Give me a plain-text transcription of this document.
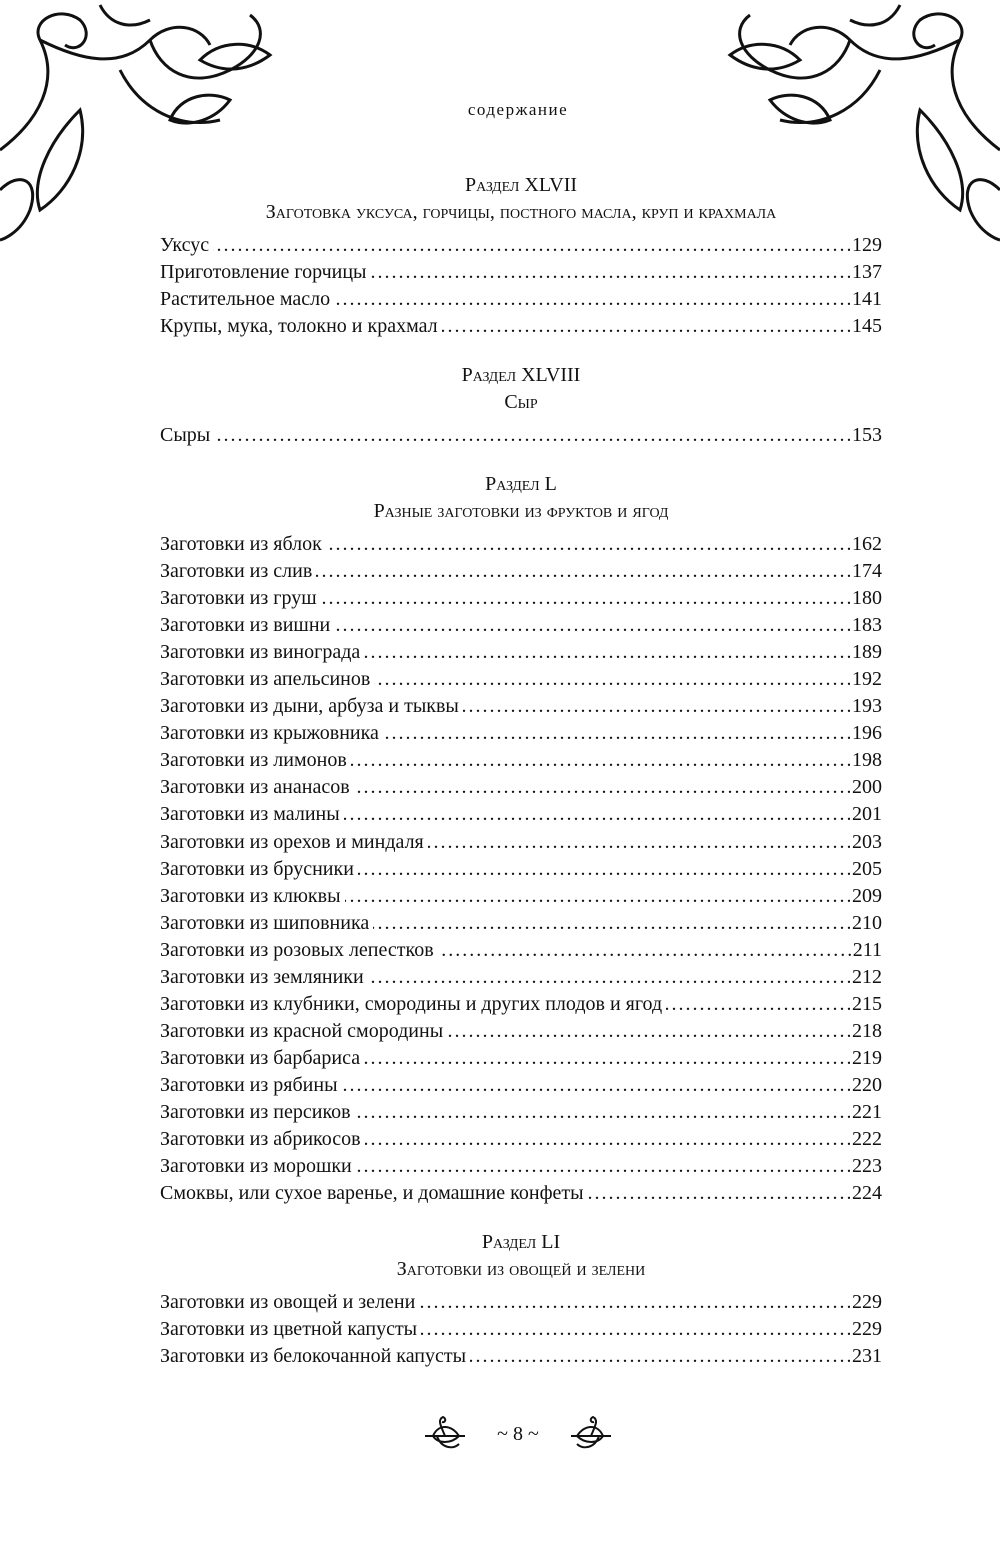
содержание
Раздел XLVII
Заготовка уксуса, горчицы, постного масла, круп и крахмала
Уксус . . .	129
Приготовление горчицы . . .	137
Растительное масло . . .	141
Крупы, мука, толокно и крахмал . . .	145
Раздел XLVIII
Сыр
Сыры . . .	153
Раздел L
Разные заготовки из фруктов и ягод
Заготовки из яблок . . .	162
Заготовки из слив . . .	174
Заготовки из груш . . .	180
Заготовки из вишни . . .	183
Заготовки из винограда . . .	189
Заготовки из апельсинов . . .	192
Заготовки из дыни, арбуза и тыквы . . .	193
Заготовки из крыжовника . . .	196
Заготовки из лимонов . . .	198
Заготовки из ананасов . . .	200
Заготовки из малины . . .	201
Заготовки из орехов и миндаля . . .	203
Заготовки из брусники . . .	205
Заготовки из клюквы . . .	209
Заготовки из шиповника . . .	210
Заготовки из розовых лепестков . . .	211
Заготовки из земляники . . .	212
Заготовки из клубники, смородины и других плодов и ягод . . .	215
Заготовки из красной смородины . . .	218
Заготовки из барбариса . . .	219
Заготовки из рябины . . .	220
Заготовки из персиков . . .	221
Заготовки из абрикосов . . .	222
Заготовки из морошки . . .	223
Смоквы, или сухое варенье, и домашние конфеты . . .	224
Раздел LI
Заготовки из овощей и зелени
Заготовки из овощей и зелени . . .	229
Заготовки из цветной капусты . . .	229
Заготовки из белокочанной капусты . . .	231
~ 8 ~
